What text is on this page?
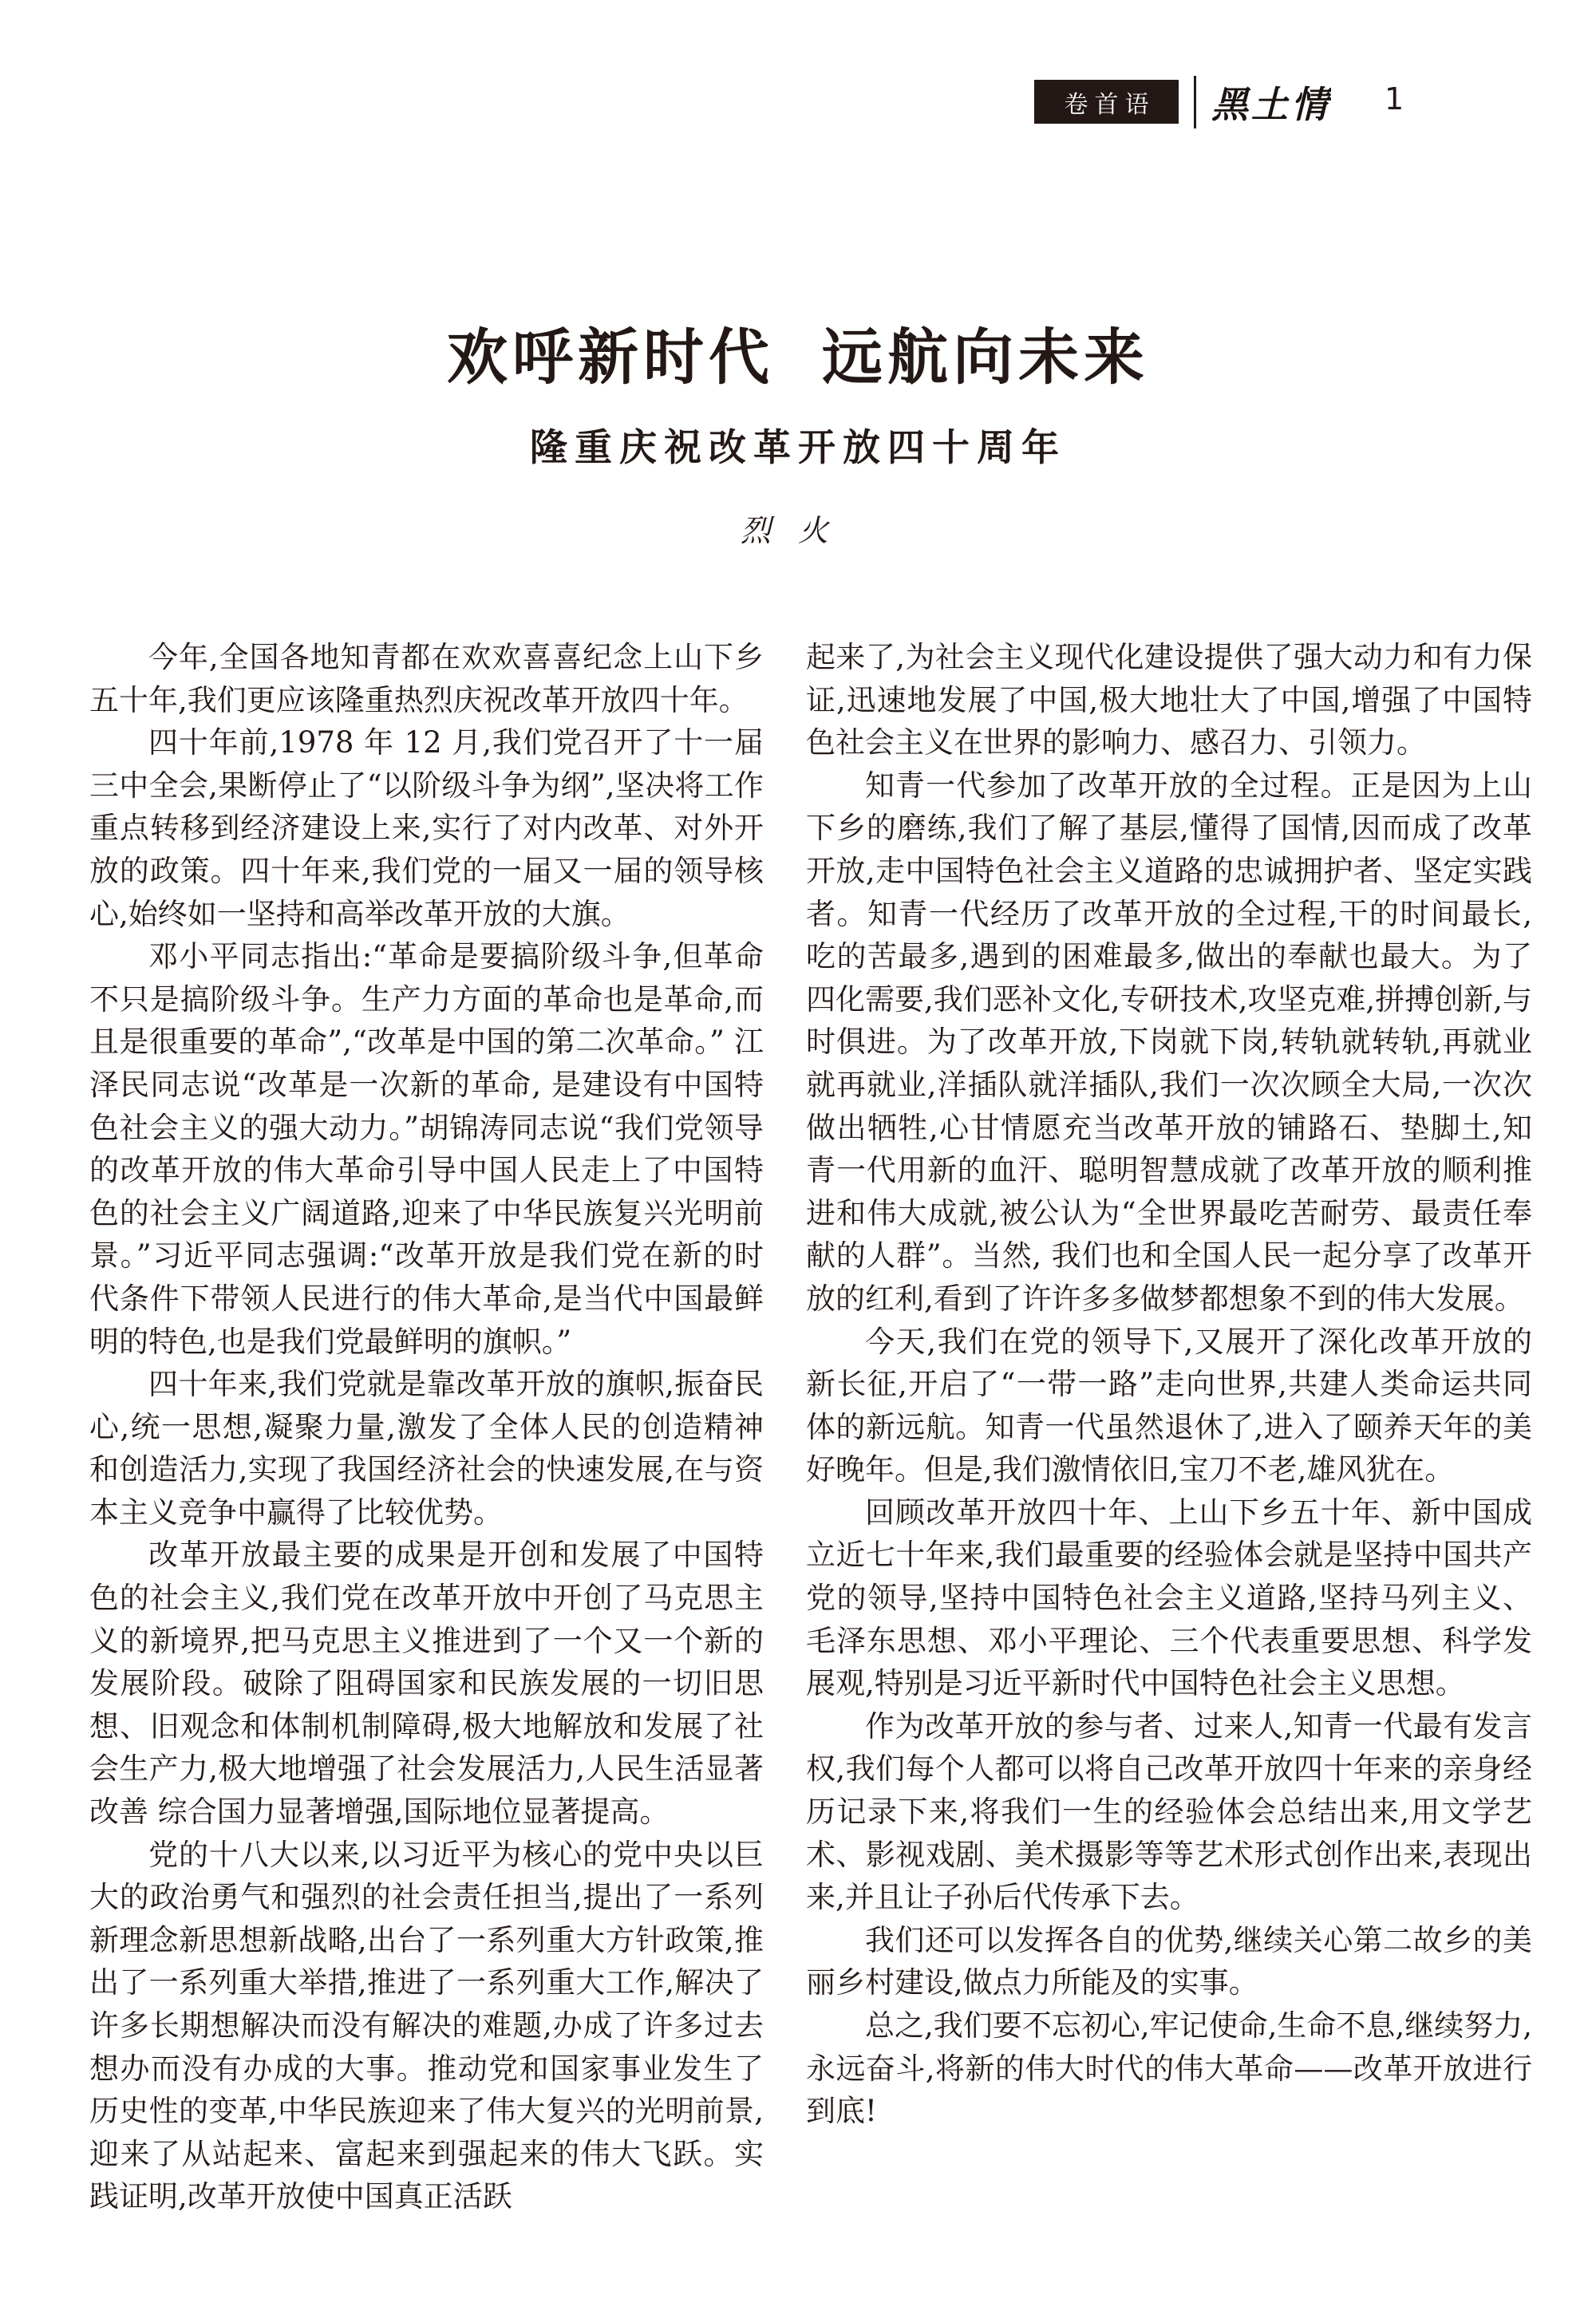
卷首语 黑土情 1
欢呼新时代 远航向未来
隆重庆祝改革开放四十周年
烈火

今年,全国各地知青都在欢欢喜喜纪念上山下乡五十年,我们更应该隆重热烈庆祝改革开放四十年。

四十年前,1978 年 12 月,我们党召开了十一届三中全会,果断停止了“以阶级斗争为纲”,坚决将工作重点转移到经济建设上来,实行了对内改革、对外开放的政策。四十年来,我们党的一届又一届的领导核心,始终如一坚持和高举改革开放的大旗。

邓小平同志指出:“革命是要搞阶级斗争,但革命不只是搞阶级斗争。生产力方面的革命也是革命,而且是很重要的革命”,“改革是中国的第二次革命。” 江泽民同志说“改革是一次新的革命, 是建设有中国特色社会主义的强大动力。”胡锦涛同志说“我们党领导的改革开放的伟大革命引导中国人民走上了中国特色的社会主义广阔道路,迎来了中华民族复兴光明前景。”习近平同志强调:“改革开放是我们党在新的时代条件下带领人民进行的伟大革命,是当代中国最鲜明的特色,也是我们党最鲜明的旗帜。”

四十年来,我们党就是靠改革开放的旗帜,振奋民心,统一思想,凝聚力量,激发了全体人民的创造精神和创造活力,实现了我国经济社会的快速发展,在与资本主义竞争中赢得了比较优势。

改革开放最主要的成果是开创和发展了中国特色的社会主义,我们党在改革开放中开创了马克思主义的新境界,把马克思主义推进到了一个又一个新的发展阶段。破除了阻碍国家和民族发展的一切旧思想、旧观念和体制机制障碍,极大地解放和发展了社会生产力,极大地增强了社会发展活力,人民生活显著改善 综合国力显著增强,国际地位显著提高。

党的十八大以来,以习近平为核心的党中央以巨大的政治勇气和强烈的社会责任担当,提出了一系列新理念新思想新战略,出台了一系列重大方针政策,推出了一系列重大举措,推进了一系列重大工作,解决了许多长期想解决而没有解决的难题,办成了许多过去想办而没有办成的大事。推动党和国家事业发生了历史性的变革,中华民族迎来了伟大复兴的光明前景,迎来了从站起来、富起来到强起来的伟大飞跃。实践证明,改革开放使中国真正活跃

起来了,为社会主义现代化建设提供了强大动力和有力保证,迅速地发展了中国,极大地壮大了中国,增强了中国特色社会主义在世界的影响力、感召力、引领力。

知青一代参加了改革开放的全过程。正是因为上山下乡的磨练,我们了解了基层,懂得了国情,因而成了改革开放,走中国特色社会主义道路的忠诚拥护者、坚定实践者。知青一代经历了改革开放的全过程,干的时间最长,吃的苦最多,遇到的困难最多,做出的奉献也最大。为了四化需要,我们恶补文化,专研技术,攻坚克难,拼搏创新,与时俱进。为了改革开放,下岗就下岗,转轨就转轨,再就业就再就业,洋插队就洋插队,我们一次次顾全大局,一次次做出牺牲,心甘情愿充当改革开放的铺路石、垫脚土,知青一代用新的血汗、聪明智慧成就了改革开放的顺利推进和伟大成就,被公认为“全世界最吃苦耐劳、最责任奉献的人群”。当然, 我们也和全国人民一起分享了改革开放的红利,看到了许许多多做梦都想象不到的伟大发展。

今天,我们在党的领导下,又展开了深化改革开放的新长征,开启了“一带一路”走向世界,共建人类命运共同体的新远航。知青一代虽然退休了,进入了颐养天年的美好晚年。但是,我们激情依旧,宝刀不老,雄风犹在。

回顾改革开放四十年、上山下乡五十年、新中国成立近七十年来,我们最重要的经验体会就是坚持中国共产党的领导,坚持中国特色社会主义道路,坚持马列主义、毛泽东思想、邓小平理论、三个代表重要思想、科学发展观,特别是习近平新时代中国特色社会主义思想。

作为改革开放的参与者、过来人,知青一代最有发言权,我们每个人都可以将自己改革开放四十年来的亲身经历记录下来,将我们一生的经验体会总结出来,用文学艺术、影视戏剧、美术摄影等等艺术形式创作出来,表现出来,并且让子孙后代传承下去。

我们还可以发挥各自的优势,继续关心第二故乡的美丽乡村建设,做点力所能及的实事。

总之,我们要不忘初心,牢记使命,生命不息,继续努力,永远奋斗,将新的伟大时代的伟大革命——改革开放进行到底!
